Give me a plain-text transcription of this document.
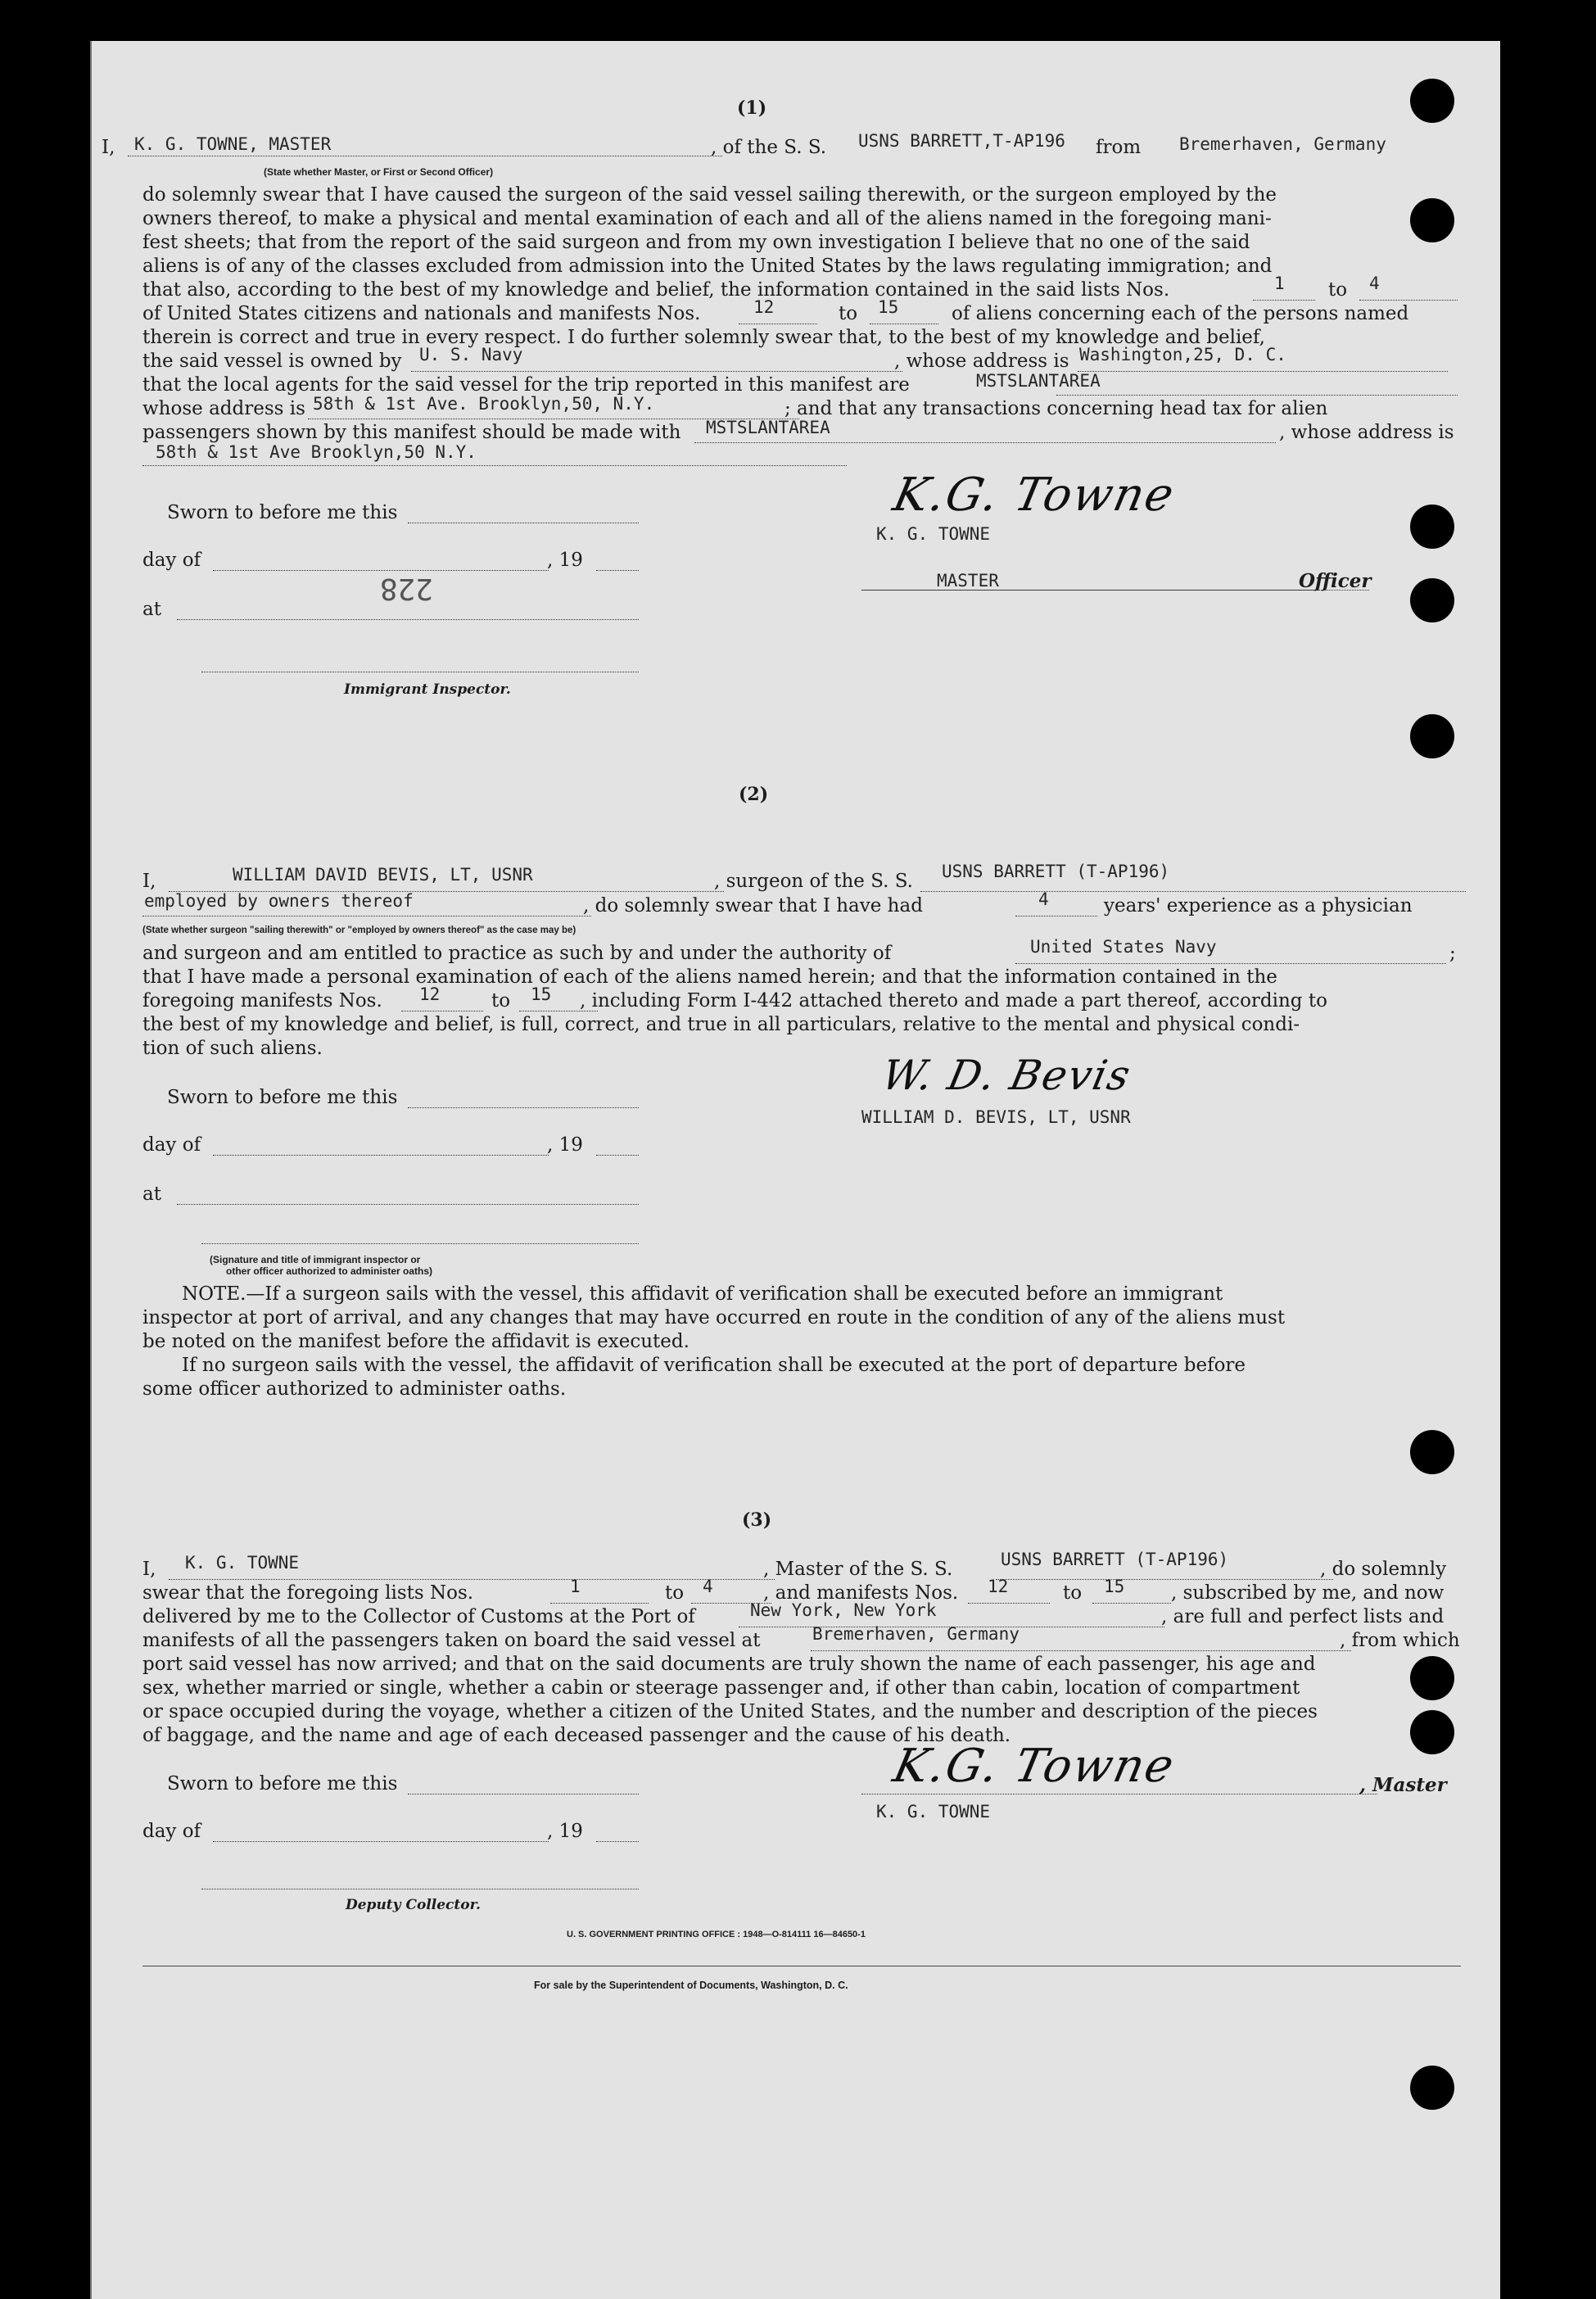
(1)
I, K. G. TOWNE, MASTER
(State whether Master, or First or Second Officer)
, of the S. S. USNS BARRETT,T-AP196 from Bremerhaven, Germany
do solemnly swear that I have caused the surgeon of the said vessel sailing therewith, or the surgeon employed by the
owners thereof, to make a physical and mental examination of each and all of the aliens named in the foregoing mani-
fest sheets; that from the report of the said surgeon and from my own investigation I believe that no one of the said
aliens is of any of the classes excluded from admission into the United States by the laws regulating immigration; and
that also, according to the best of my knowledge and belief, the information contained in the said lists Nos.	1 to 4
of United States citizens and nationals and manifests Nos.	12	to 15	of aliens concerning each of the persons named
therein is correct and true in every respect. I do further solemnly swear that, to the best of my knowledge and belief,
the said vessel is owned by U. S. Navy	, whose address is Washington,25, D. C.
that the local agents for the said vessel for the trip reported in this manifest are	MSTSLANTAREA
whose address is 58th & 1st Ave. Brooklyn,50, N.Y.	; and that any transactions concerning head tax for alien
passengers shown by this manifest should be made with MSTSLANTAREA	, whose address is
58th & 1st Ave Brooklyn,50 N.Y.
Sworn to before me this
day of	, 19
at
228
Immigrant Inspector.
K.G. Towne
K. G. TOWNE
MASTER	Officer
(2)
I,	WILLIAM DAVID BEVIS, LT, USNR	, surgeon of the S. S. USNS BARRETT (T-AP196)
employed by owners thereof
(State whether surgeon "sailing therewith" or "employed by owners thereof" as the case may be)
, do solemnly swear that I have had	4	years' experience as a physician
and surgeon and am entitled to practice as such by and under the authority of	United States Navy	;
that I have made a personal examination of each of the aliens named herein; and that the information contained in the
foregoing manifests Nos. 12	to 15 , including Form I-442 attached thereto and made a part thereof, according to
the best of my knowledge and belief, is full, correct, and true in all particulars, relative to the mental and physical condi-
tion of such aliens.
Sworn to before me this
day of	, 19
at
(Signature and title of immigrant inspector or
other officer authorized to administer oaths)
W. D. Bevis
WILLIAM D. BEVIS, LT, USNR
NOTE.—If a surgeon sails with the vessel, this affidavit of verification shall be executed before an immigrant
inspector at port of arrival, and any changes that may have occurred en route in the condition of any of the aliens must
be noted on the manifest before the affidavit is executed.
If no surgeon sails with the vessel, the affidavit of verification shall be executed at the port of departure before
some officer authorized to administer oaths.
(3)
I, K. G. TOWNE	, Master of the S. S.	USNS BARRETT (T-AP196)	, do solemnly
swear that the foregoing lists Nos.	1	to 4	, and manifests Nos. 12	to 15 , subscribed by me, and now
delivered by me to the Collector of Customs at the Port of	New York, New York	, are full and perfect lists and
manifests of all the passengers taken on board the said vessel at	Bremerhaven, Germany	, from which
port said vessel has now arrived; and that on the said documents are truly shown the name of each passenger, his age and
sex, whether married or single, whether a cabin or steerage passenger and, if other than cabin, location of compartment
or space occupied during the voyage, whether a citizen of the United States, and the number and description of the pieces
of baggage, and the name and age of each deceased passenger and the cause of his death.
Sworn to before me this
day of	, 19
Deputy Collector.
K.G. Towne	, Master
K. G. TOWNE
U. S. GOVERNMENT PRINTING OFFICE : 1948—O-814111 16—84650-1
For sale by the Superintendent of Documents, Washington, D. C.
